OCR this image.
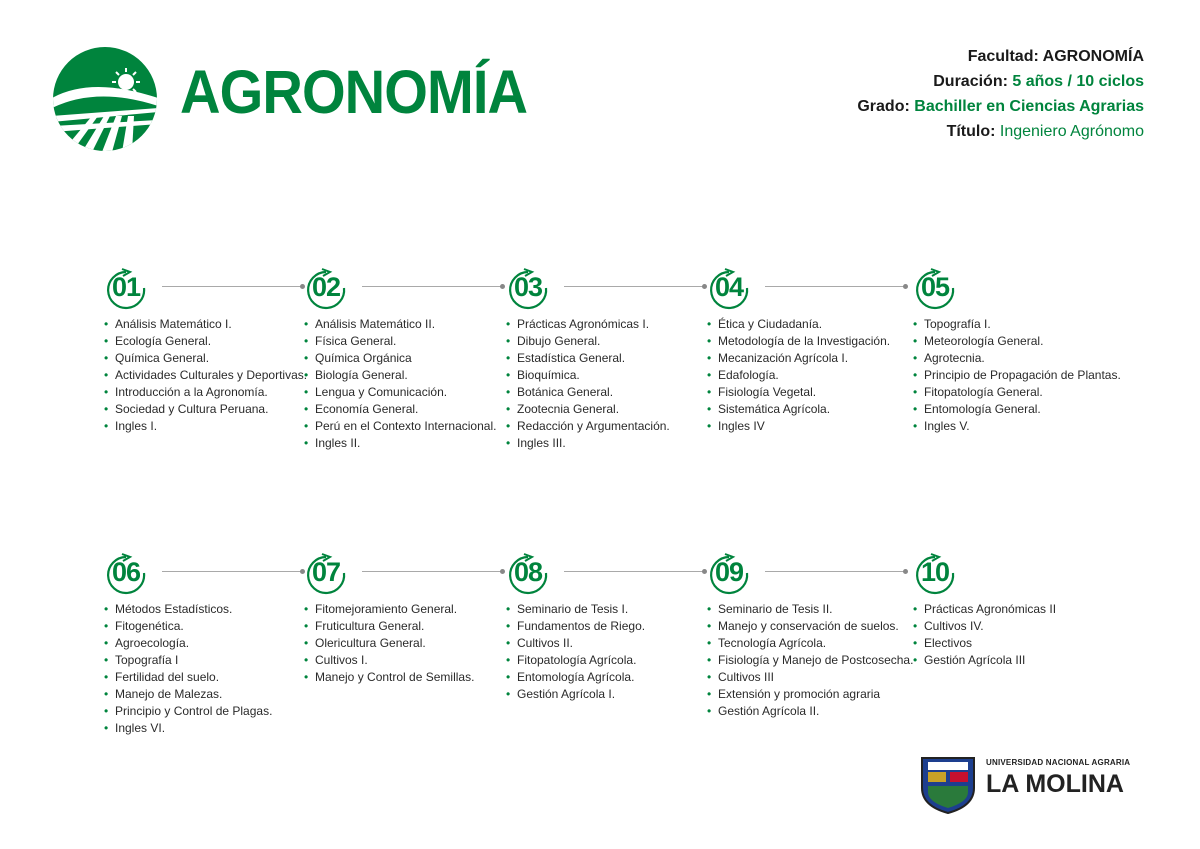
AGRONOMÍA
Facultad: AGRONOMÍA
Duración: 5 años / 10 ciclos
Grado: Bachiller en Ciencias Agrarias
Título: Ingeniero Agrónomo
01
• Análisis Matemático I.
• Ecología General.
• Química General.
• Actividades Culturales y Deportivas.
• Introducción a la Agronomía.
• Sociedad y Cultura Peruana.
• Ingles I.
02
• Análisis Matemático II.
• Física General.
• Química Orgánica
• Biología General.
• Lengua y Comunicación.
• Economía General.
• Perú en el Contexto Internacional.
• Ingles II.
03
• Prácticas Agronómicas I.
• Dibujo General.
• Estadística General.
• Bioquímica.
• Botánica General.
• Zootecnia General.
• Redacción y Argumentación.
• Ingles III.
04
• Ética y Ciudadanía.
• Metodología de la Investigación.
• Mecanización Agrícola I.
• Edafología.
• Fisiología Vegetal.
• Sistemática Agrícola.
• Ingles IV
05
• Topografía I.
• Meteorología General.
• Agrotecnia.
• Principio de Propagación de Plantas.
• Fitopatología General.
• Entomología General.
• Ingles V.
06
• Métodos Estadísticos.
• Fitogenética.
• Agroecología.
• Topografía I
• Fertilidad del suelo.
• Manejo de Malezas.
• Principio y Control de Plagas.
• Ingles VI.
07
• Fitomejoramiento General.
• Fruticultura General.
• Olericultura General.
• Cultivos I.
• Manejo y Control de Semillas.
08
• Seminario de Tesis I.
• Fundamentos de Riego.
• Cultivos II.
• Fitopatología Agrícola.
• Entomología Agrícola.
• Gestión Agrícola I.
09
• Seminario de Tesis II.
• Manejo y conservación de suelos.
• Tecnología Agrícola.
• Fisiología y Manejo de Postcosecha.
• Cultivos III
• Extensión y promoción agraria
• Gestión Agrícola II.
10
• Prácticas Agronómicas II
• Cultivos IV.
• Electivos
• Gestión Agrícola III
UNIVERSIDAD NACIONAL AGRARIA
LA MOLINA
